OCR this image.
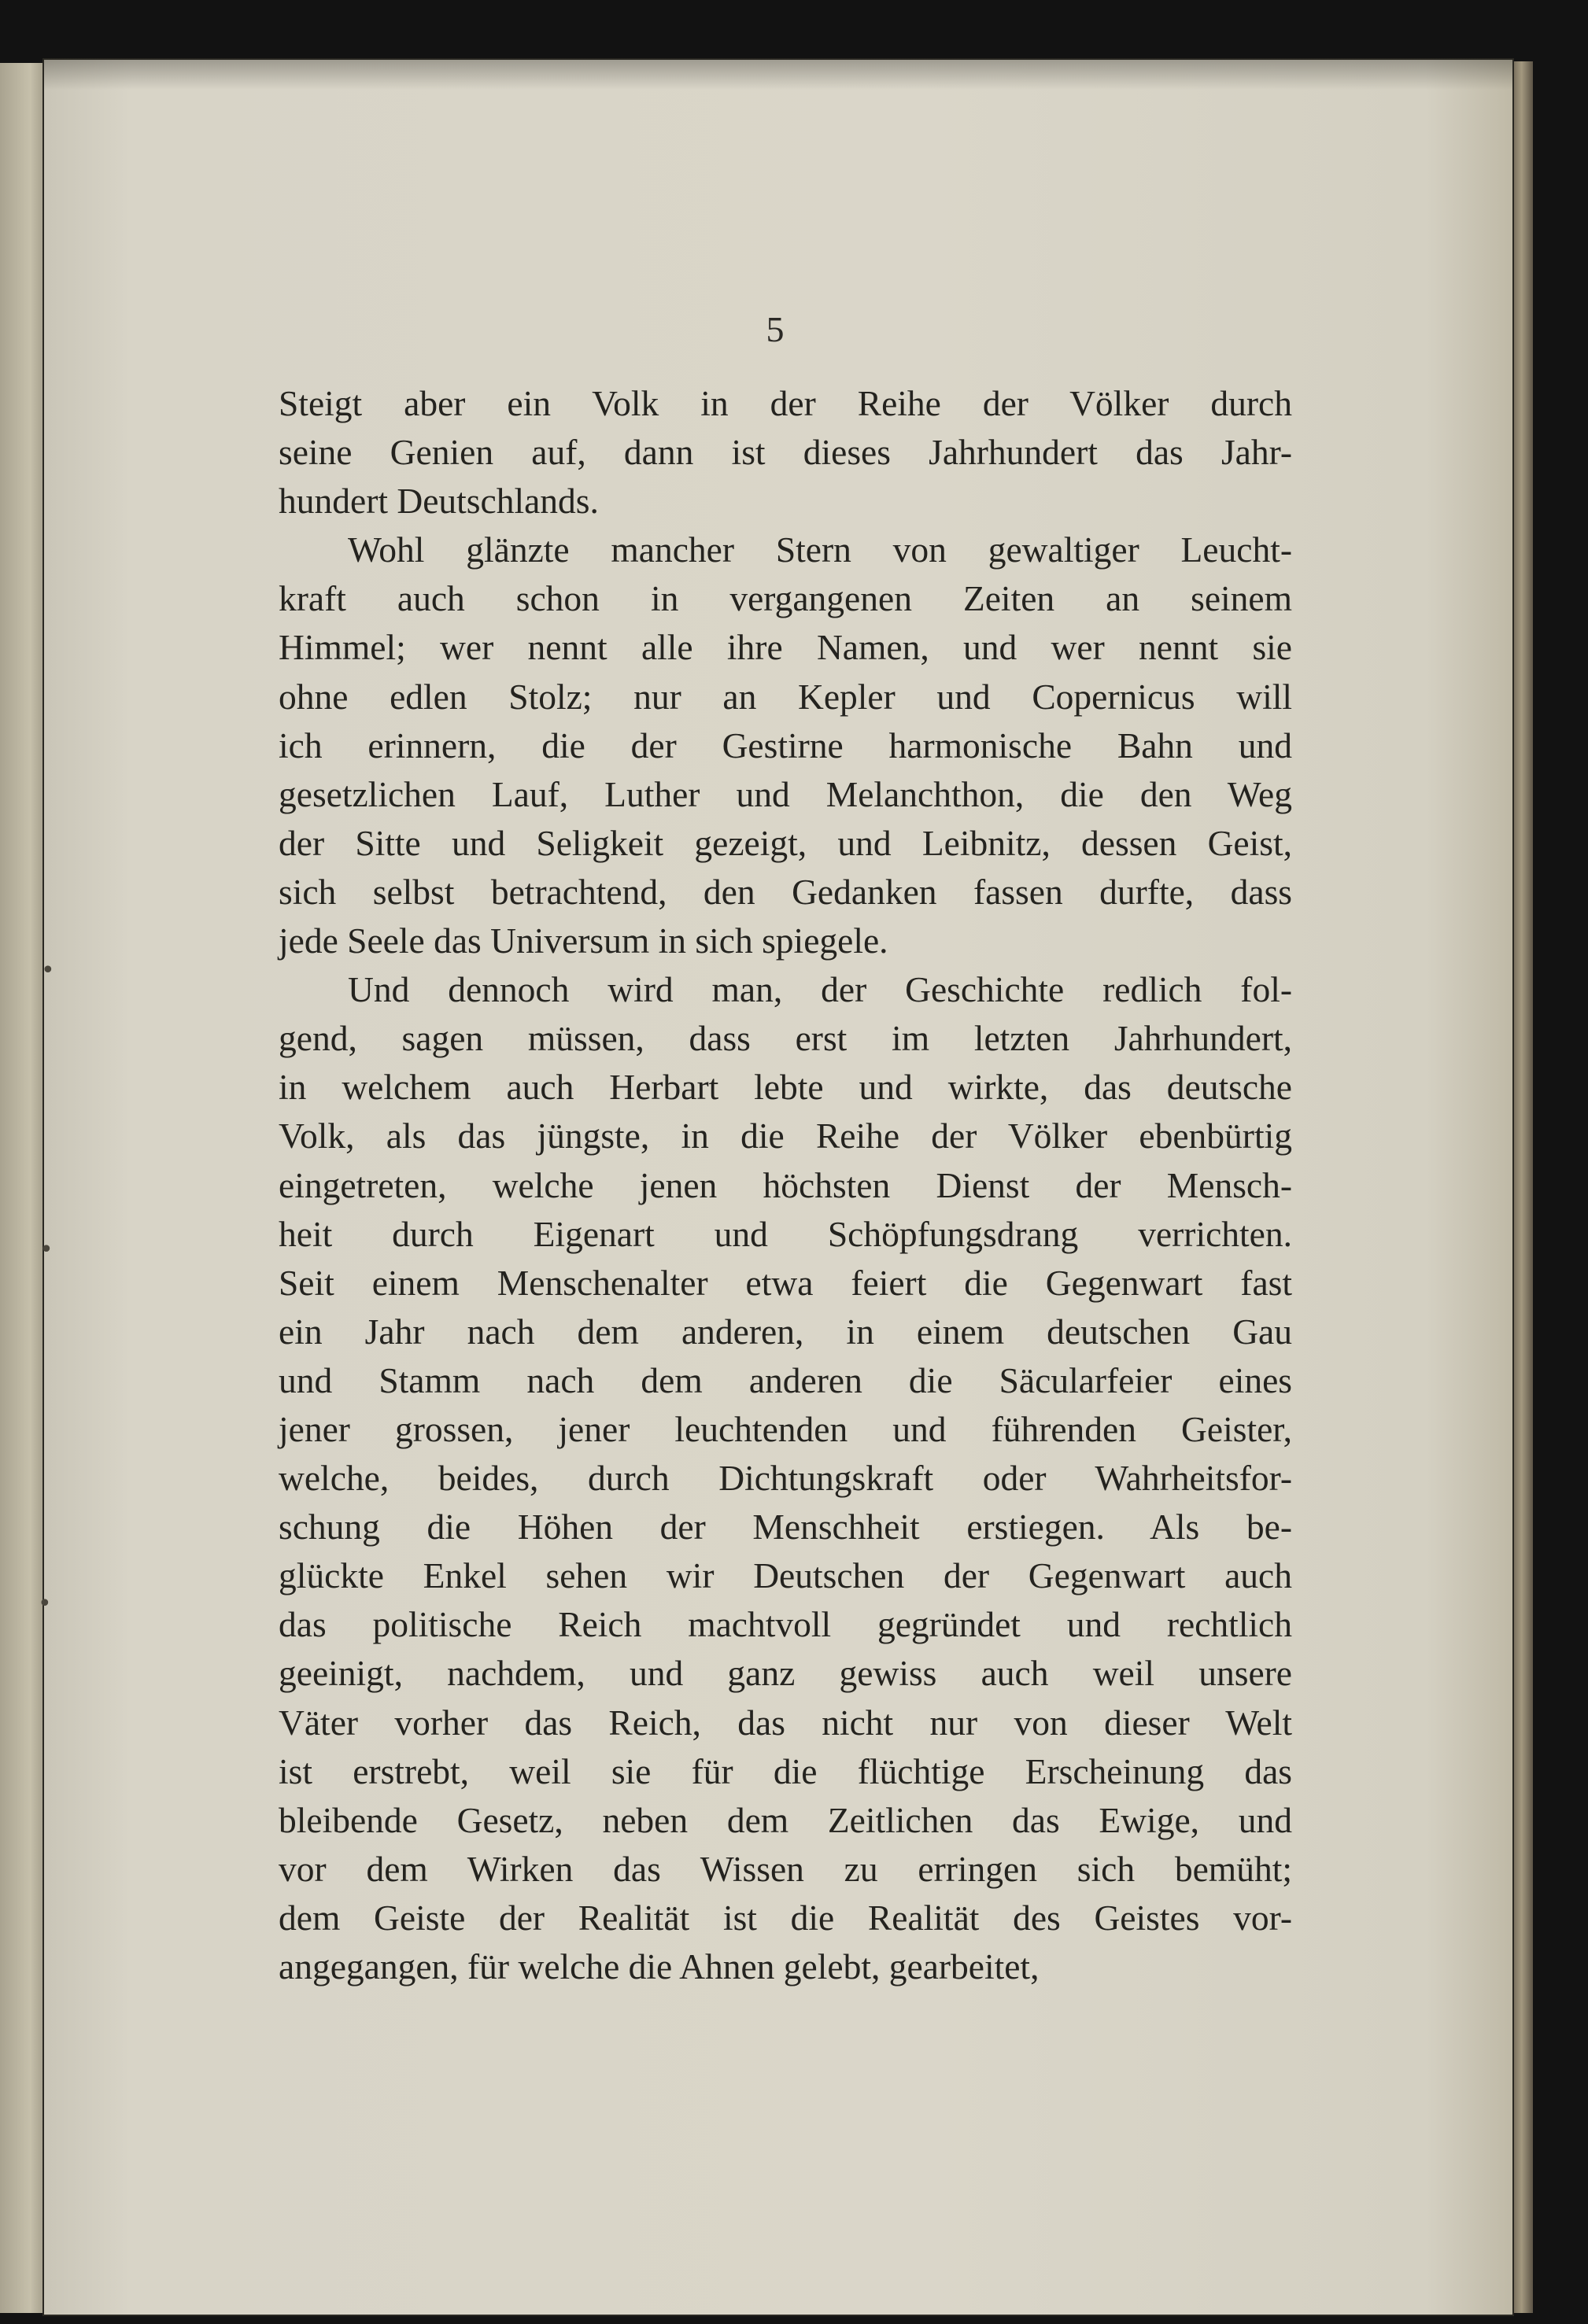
•
•
•
5

Steigt aber ein Volk in der Reihe der Völker durch
seine Genien auf, dann ist dieses Jahrhundert das Jahr-
hundert Deutschlands.

Wohl glänzte mancher Stern von gewaltiger Leucht-
kraft auch schon in vergangenen Zeiten an seinem
Himmel; wer nennt alle ihre Namen, und wer nennt sie
ohne edlen Stolz; nur an Kepler und Copernicus will
ich erinnern, die der Gestirne harmonische Bahn und
gesetzlichen Lauf, Luther und Melanchthon, die den Weg
der Sitte und Seligkeit gezeigt, und Leibnitz, dessen Geist,
sich selbst betrachtend, den Gedanken fassen durfte, dass
jede Seele das Universum in sich spiegele.

Und dennoch wird man, der Geschichte redlich fol-
gend, sagen müssen, dass erst im letzten Jahrhundert,
in welchem auch Herbart lebte und wirkte, das deutsche
Volk, als das jüngste, in die Reihe der Völker ebenbürtig
eingetreten, welche jenen höchsten Dienst der Mensch-
heit durch Eigenart und Schöpfungsdrang verrichten.
Seit einem Menschenalter etwa feiert die Gegenwart fast
ein Jahr nach dem anderen, in einem deutschen Gau
und Stamm nach dem anderen die Säcularfeier eines
jener grossen, jener leuchtenden und führenden Geister,
welche, beides, durch Dichtungskraft oder Wahrheitsfor-
schung die Höhen der Menschheit erstiegen. Als be-
glückte Enkel sehen wir Deutschen der Gegenwart auch
das politische Reich machtvoll gegründet und rechtlich
geeinigt, nachdem, und ganz gewiss auch weil unsere
Väter vorher das Reich, das nicht nur von dieser Welt
ist erstrebt, weil sie für die flüchtige Erscheinung das
bleibende Gesetz, neben dem Zeitlichen das Ewige, und
vor dem Wirken das Wissen zu erringen sich bemüht;
dem Geiste der Realität ist die Realität des Geistes vor-
angegangen, für welche die Ahnen gelebt, gearbeitet,
